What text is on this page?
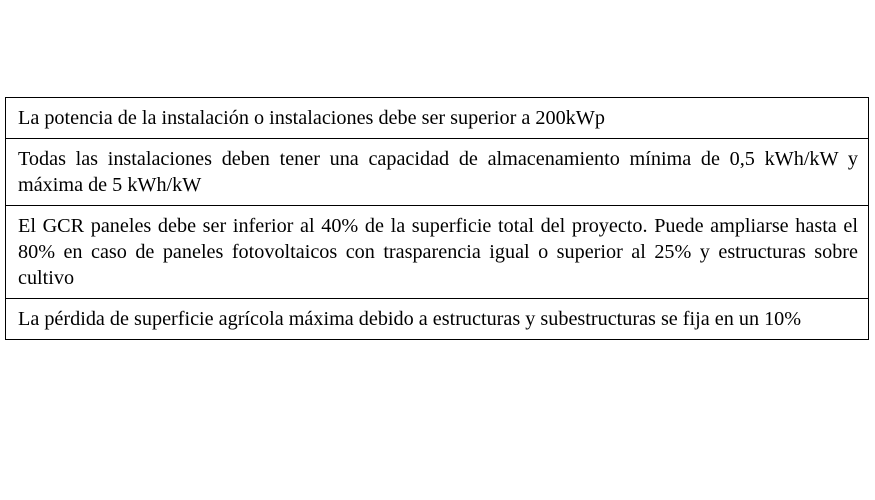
La potencia de la instalación o instalaciones debe ser superior a 200kWp
Todas las instalaciones deben tener una capacidad de almacenamiento mínima de 0,5 kWh/kW y máxima de 5 kWh/kW
El GCR paneles debe ser inferior al 40% de la superficie total del proyecto. Puede ampliarse hasta el 80% en caso de paneles fotovoltaicos con trasparencia igual o superior al 25% y estructuras sobre cultivo
La pérdida de superficie agrícola máxima debido a estructuras y subestructuras se fija en un 10%
